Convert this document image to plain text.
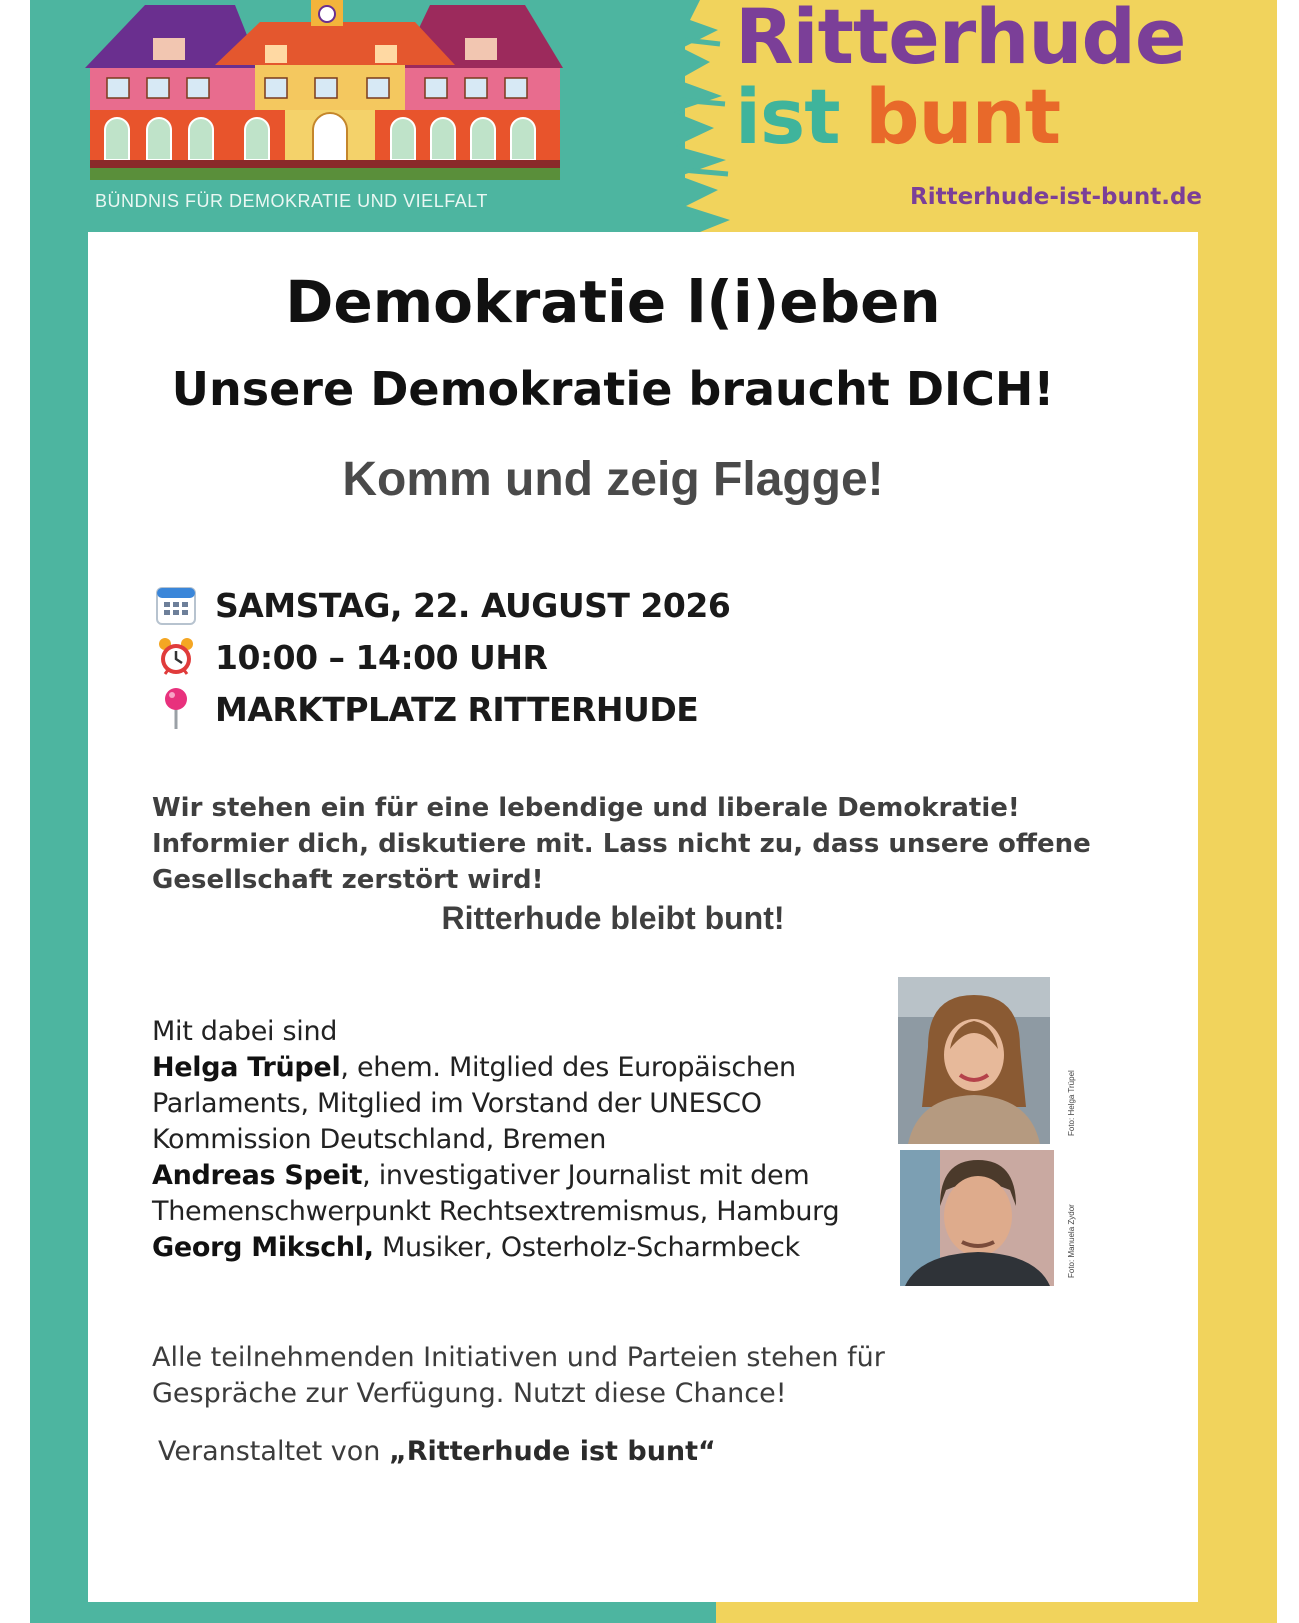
BÜNDNIS FÜR DEMOKRATIE UND VIELFALT
Ritterhude
ist bunt
Ritterhude-ist-bunt.de
Demokratie l(i)eben
Unsere Demokratie braucht DICH!
Komm und zeig Flagge!
SAMSTAG, 22. AUGUST 2026
10:00 – 14:00 UHR
MARKTPLATZ RITTERHUDE
Wir stehen ein für eine lebendige und liberale Demokratie!
Informier dich, diskutiere mit. Lass nicht zu, dass unsere offene
Gesellschaft zerstört wird!
Ritterhude bleibt bunt!
Mit dabei sind
Helga Trüpel, ehem. Mitglied des Europäischen
Parlaments, Mitglied im Vorstand der UNESCO
Kommission Deutschland, Bremen
Andreas Speit, investigativer Journalist mit dem
Themenschwerpunkt Rechtsextremismus, Hamburg
Georg Mikschl, Musiker, Osterholz-Scharmbeck
Foto: Helga Trüpel
Foto: Manuela Zydor
Alle teilnehmenden Initiativen und Parteien stehen für
Gespräche zur Verfügung. Nutzt diese Chance!
Veranstaltet von „Ritterhude ist bunt“
